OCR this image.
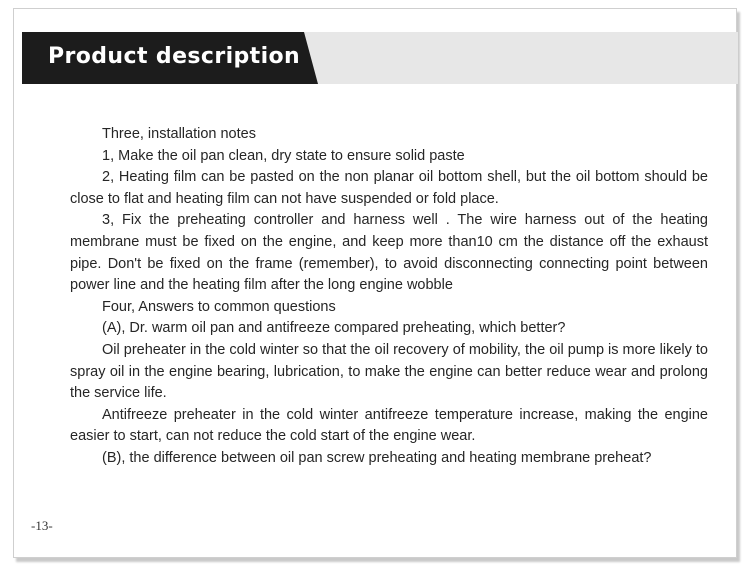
Product description

Three, installation notes

1, Make the oil pan clean, dry state to ensure solid paste

2, Heating film can be pasted on the non planar oil bottom shell, but the oil bottom should be close to flat and heating film can not have suspended or fold place.

3, Fix the preheating controller and harness well . The wire harness out of the heating membrane must be fixed on the engine, and keep more than10 cm the distance off the exhaust pipe. Don't be fixed on the frame (remember), to avoid disconnecting connecting point between power line and the heating film after the long engine wobble

Four, Answers to common questions

(A), Dr. warm oil pan and antifreeze compared preheating, which better?

Oil preheater in the cold winter so that the oil recovery of mobility, the oil pump is more likely to spray oil in the engine bearing, lubrication, to make the engine can better reduce wear and prolong the service life.

Antifreeze preheater in the cold winter antifreeze temperature increase, making the engine easier to start, can not reduce the cold start of the engine wear.

(B), the difference between oil pan screw preheating and heating membrane preheat?

-13-
